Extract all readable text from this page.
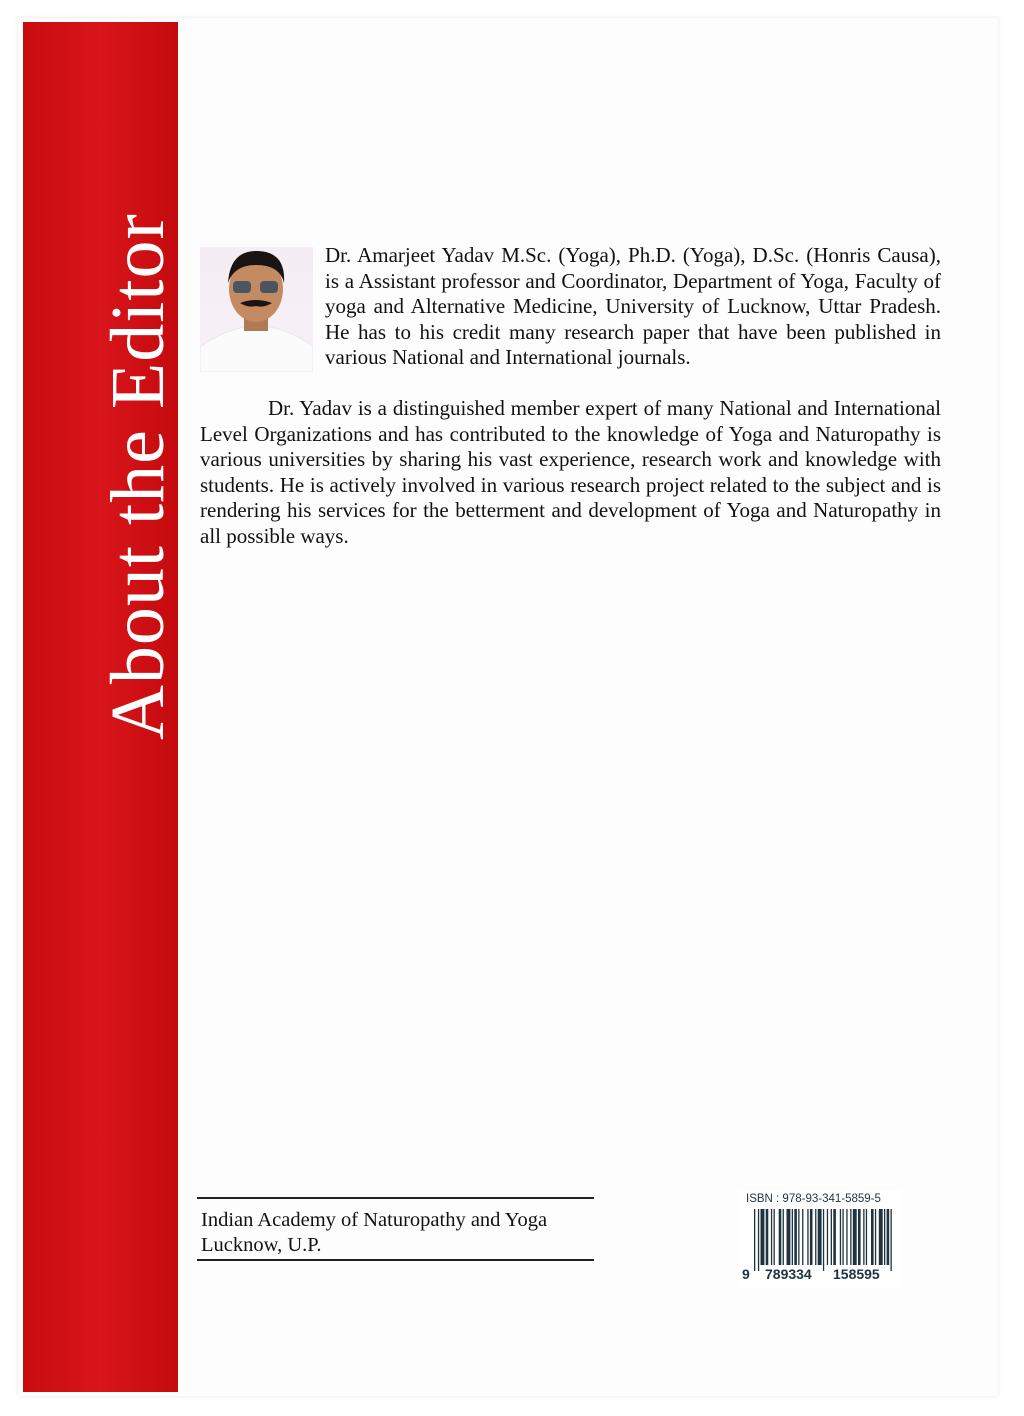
About the Editor	Dr. Amarjeet Yadav M.Sc. (Yoga), Ph.D. (Yoga), D.Sc. (Honris Causa), is a Assistant professor and Coordinator, Department of Yoga, Faculty of yoga and Alternative Medicine, University of Lucknow, Uttar Pradesh. He has to his credit many research paper that have been published in various National and International journals.
Dr. Yadav is a distinguished member expert of many National and International Level Organizations and has contributed to the knowledge of Yoga and Naturopathy is various universities by sharing his vast experience, research work and knowledge with students. He is actively involved in various research project related to the subject and is rendering his services for the betterment and development of Yoga and Naturopathy in all possible ways.
Indian Academy of Naturopathy and Yoga
Lucknow, U.P.
ISBN : 978-93-341-5859-5
9 789334 158595
